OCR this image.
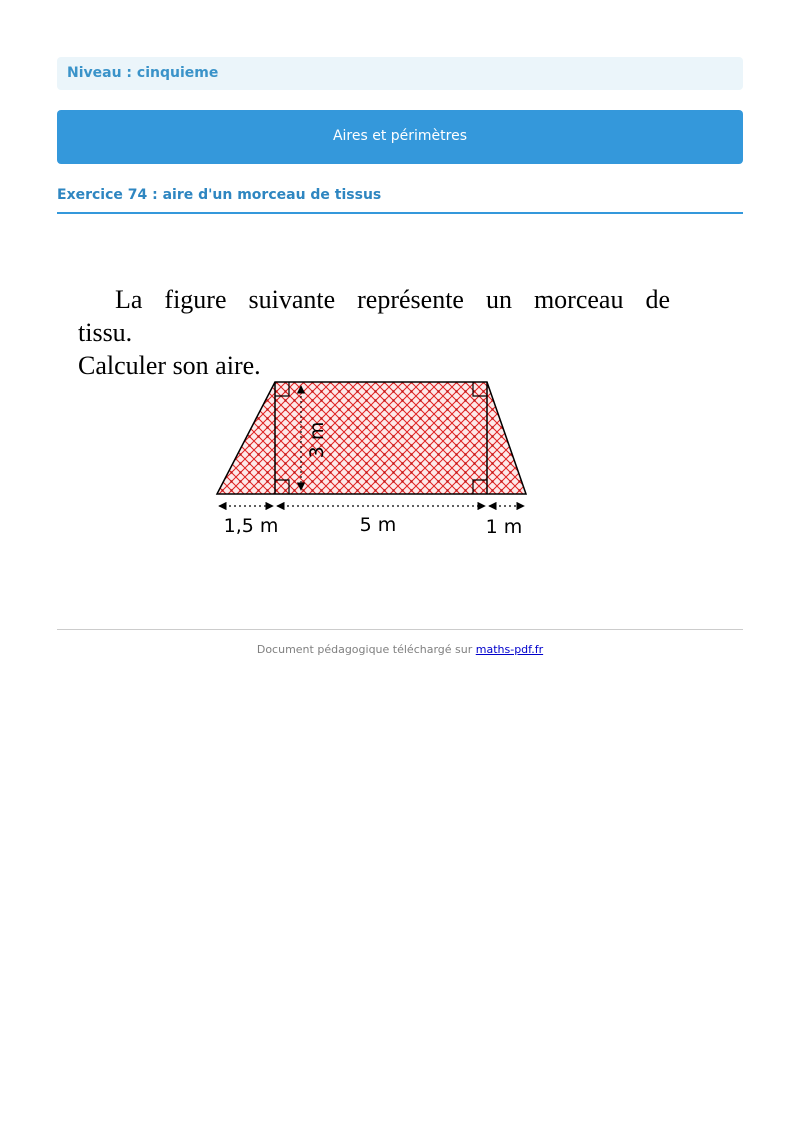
Niveau : cinquieme
Aires et périmètres
Exercice 74 : aire d'un morceau de tissus
La figure suivante représente un morceau de
tissu.
Calculer son aire.
3 m
1,5 m	5 m	1 m
Document pédagogique téléchargé sur maths-pdf.fr
